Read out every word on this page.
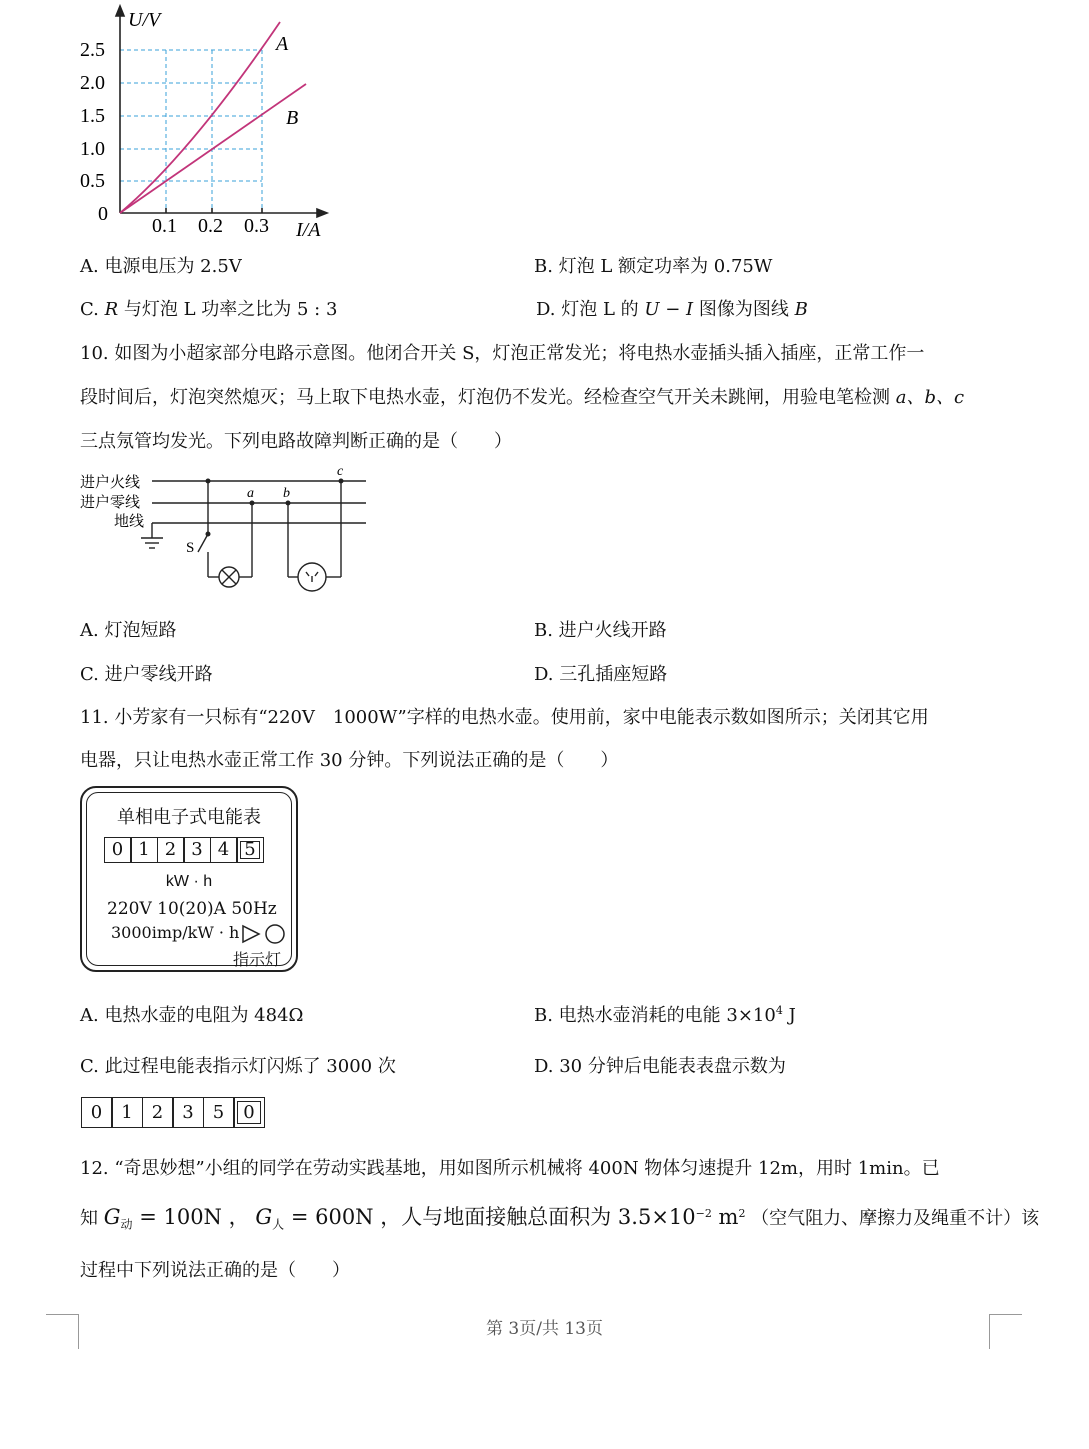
U/V
I/A
0
2.5
2.0
1.5
1.0
0.5
0.1 0.2 0.3
A
B
A. 电源电压为 2.5V	B. 灯泡 L 额定功率为 0.75W
C. R 与灯泡 L 功率之比为 5 : 3	D. 灯泡 L 的 U − I 图像为图线 B
10. 如图为小超家部分电路示意图。他闭合开关 S，灯泡正常发光；将电热水壶插头插入插座，正常工作一
段时间后，灯泡突然熄灭；马上取下电热水壶，灯泡仍不发光。经检查空气开关未跳闸，用验电笔检测 a、b、c
三点氖管均发光。下列电路故障判断正确的是（　　）
进户火线
进户零线
地线
S
a b
c
A. 灯泡短路	B. 进户火线开路
C. 进户零线开路	D. 三孔插座短路
11. 小芳家有一只标有“220V　1000W”字样的电热水壶。使用前，家中电能表示数如图所示；关闭其它用
电器，只让电热水壶正常工作 30 分钟。下列说法正确的是（　　）
单相电子式电能表
0 1 2 3 4 5
kW · h
220V 10(20)A 50Hz
3000imp/kW · h
指示灯
A. 电热水壶的电阻为 484Ω	B. 电热水壶消耗的电能 $3\times 10^4$ J
C. 此过程电能表指示灯闪烁了 3000 次	D. 30 分钟后电能表表盘示数为
0	1	2	3	5	0
12. “奇思妙想”小组的同学在劳动实践基地，用如图所示机械将 400N 物体匀速提升 12m，用时 1min。已
知 $G_动 = 100N$ ， $G_人 = 600N$ ，人与地面接触总面积为 $3.5\times 10^{-2}$ $m^2$ （空气阻力、摩擦力及绳重不计）该
过程中下列说法正确的是（　　）
第 3页/共 13页
